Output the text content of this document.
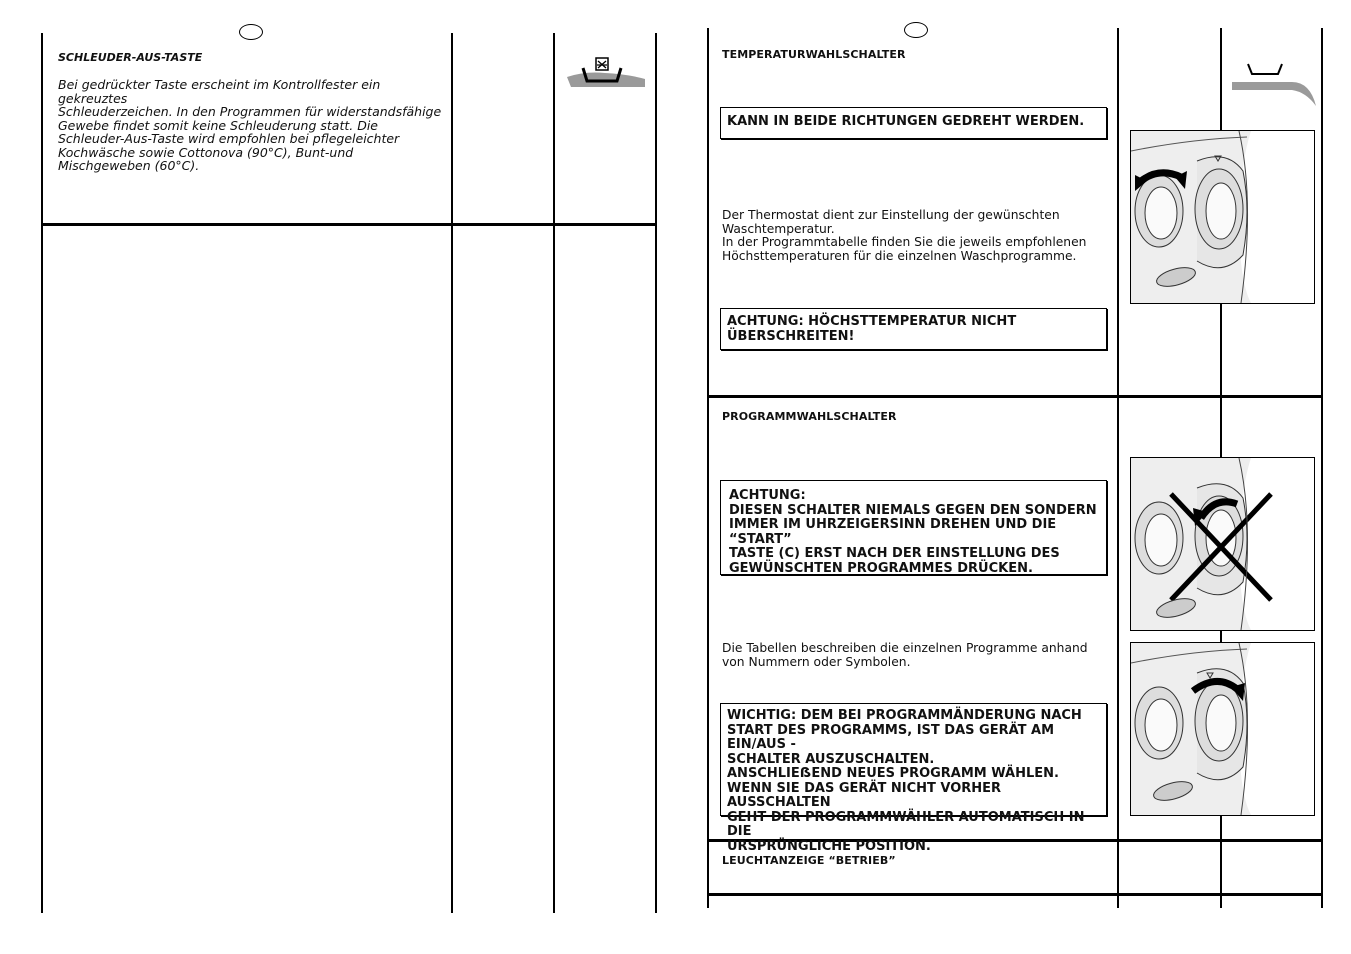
SCHLEUDER-AUS-TASTE
Bei gedrückter Taste erscheint im Kontrollfester ein gekreuztes
Schleuderzeichen. In den Programmen für widerstandsfähige
Gewebe findet somit keine Schleuderung statt. Die
Schleuder-Aus-Taste wird empfohlen bei pflegeleichter
Kochwäsche sowie Cottonova (90°C), Bunt-und
Mischgeweben (60°C).
TEMPERATURWAHLSCHALTER
KANN IN BEIDE RICHTUNGEN GEDREHT WERDEN.
Der Thermostat dient zur Einstellung der gewünschten
Waschtemperatur.
In der Programmtabelle finden Sie die jeweils empfohlenen
Höchsttemperaturen für die einzelnen Waschprogramme.
ACHTUNG: HÖCHSTTEMPERATUR NICHT
ÜBERSCHREITEN!
PROGRAMMWAHLSCHALTER
ACHTUNG:
DIESEN SCHALTER NIEMALS GEGEN DEN SONDERN
IMMER IM UHRZEIGERSINN DREHEN UND DIE “START”
TASTE (C) ERST NACH DER EINSTELLUNG DES
GEWÜNSCHTEN PROGRAMMES DRÜCKEN.
Die Tabellen beschreiben die einzelnen Programme anhand
von Nummern oder Symbolen.
WICHTIG: DEM BEI PROGRAMMÄNDERUNG NACH
START DES PROGRAMMS, IST DAS GERÄT AM EIN/AUS -
SCHALTER AUSZUSCHALTEN.
ANSCHLIEẞEND NEUES PROGRAMM WÄHLEN.
WENN SIE DAS GERÄT NICHT VORHER AUSSCHALTEN
GEHT DER PROGRAMMWÄHLER AUTOMATISCH IN DIE
URSPRÜNGLICHE POSITION.
LEUCHTANZEIGE “BETRIEB”
